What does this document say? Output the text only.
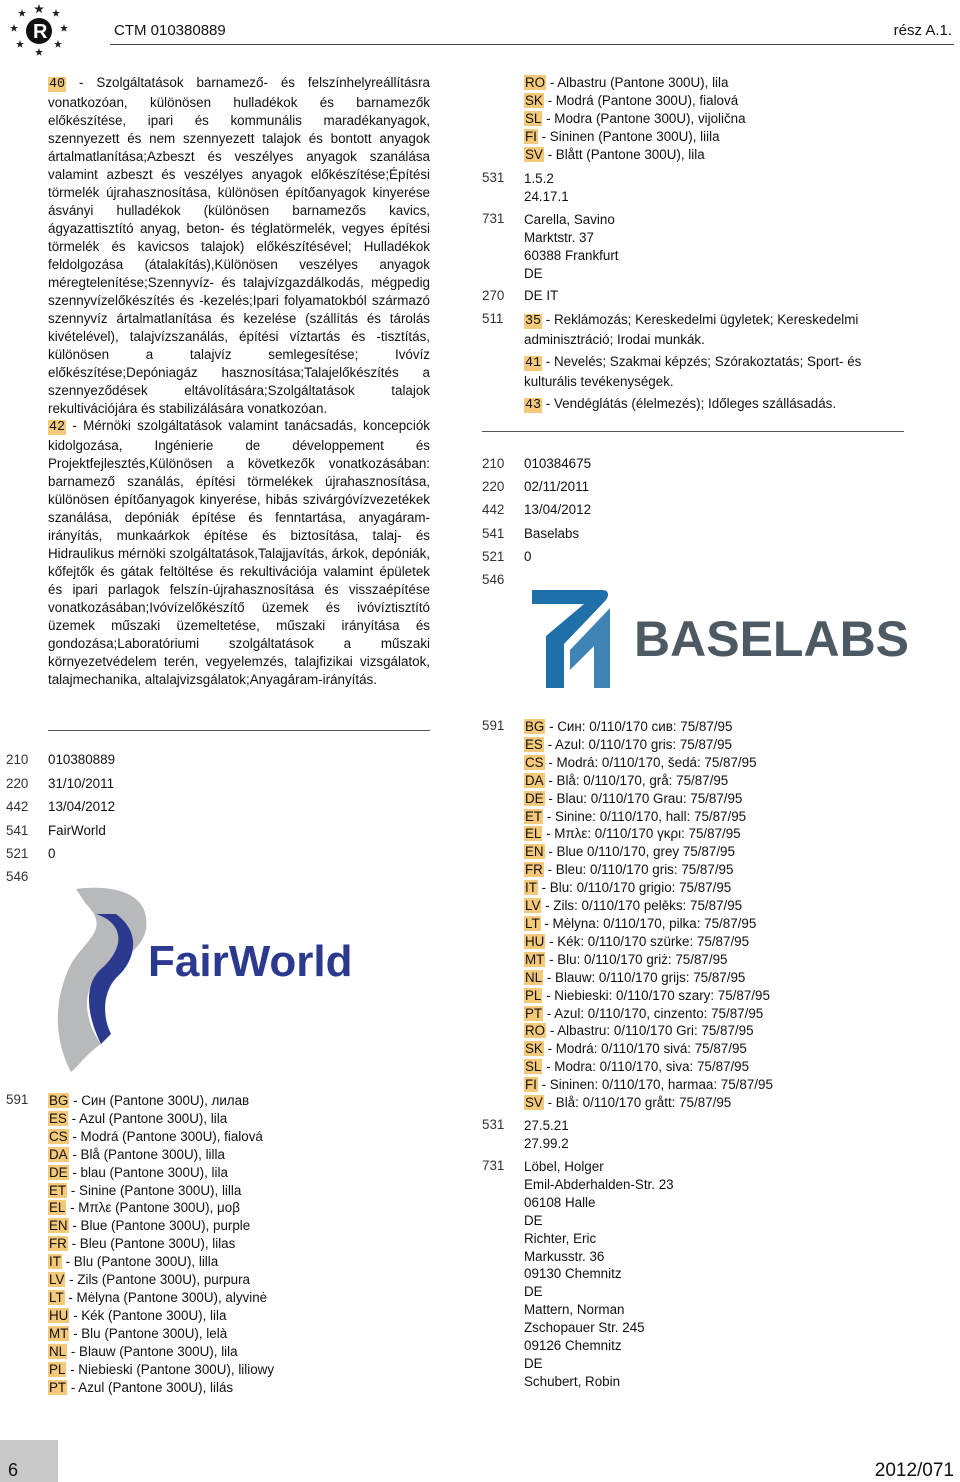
R	CTM 010380889	rész A.1.
40 - Szolgáltatások barnamező- és felszínhelyreállításra vonatkozóan, különösen hulladékok és barnamezők előkészítése, ipari és kommunális maradékanyagok, szennyezett és nem szennyezett talajok és bontott anyagok ártalmatlanítása;Azbeszt és veszélyes anyagok szanálása valamint azbeszt és veszélyes anyagok előkészítése;Építési törmelék újrahasznosítása, különösen építőanyagok kinyerése ásványi hulladékok (különösen barnamezős kavics, ágyazattisztító anyag, beton- és téglatörmelék, vegyes építési törmelék és kavicsos talajok) előkészítésével; Hulladékok feldolgozása (átalakítás),Különösen veszélyes anyagok méregtelenítése;Szennyvíz- és talajvízgazdálkodás, mégpedig szennyvízelőkészítés és -kezelés;Ipari folyamatokból származó szennyvíz ártalmatlanítása és kezelése (szállítás és tárolás kivételével), talajvízszanálás, építési víztartás és -tisztítás, különösen a talajvíz semlegesítése; Ivóvíz előkészítése;Depóniagáz hasznosítása;Talajelőkészítés a szennyeződések eltávolítására;Szolgáltatások talajok rekultivációjára és stabilizálására vonatkozóan.
42 - Mérnöki szolgáltatások valamint tanácsadás, koncepciók kidolgozása, Ingénierie de développement és Projektfejlesztés,Különösen a következők vonatkozásában: barnamező szanálás, építési törmelékek újrahasznosítása, különösen építőanyagok kinyerése, hibás szivárgóvízvezetékek szanálása, depóniák építése és fenntartása, anyagáram-irányítás, munkaárkok építése és biztosítása, talaj- és Hidraulikus mérnöki szolgáltatások,Talajjavítás, árkok, depóniák, kőfejtők és gátak feltöltése és rekultivációja valamint épületek és ipari parlagok felszín-újrahasznosítása és visszaépítése vonatkozásában;Ivóvízelőkészítő üzemek és ivóvíztisztító üzemek műszaki üzemeltetése, műszaki irányítása és gondozása;Laboratóriumi szolgáltatások a műszaki környezetvédelem terén, vegyelemzés, talajfizikai vizsgálatok, talajmechanika, altalajvizsgálatok;Anyagáram-irányítás.
210 010380889
220 31/10/2011
442 13/04/2012
541 FairWorld
521 0
546
FairWorld
591 BG - Син (Pantone 300U), лилав
ES - Azul (Pantone 300U), lila
CS - Modrá (Pantone 300U), fialová
DA - Blå (Pantone 300U), lilla
DE - blau (Pantone 300U), lila
ET - Sinine (Pantone 300U), lilla
EL - Μπλε (Pantone 300U), μοβ
EN - Blue (Pantone 300U), purple
FR - Bleu (Pantone 300U), lilas
IT - Blu (Pantone 300U), lilla
LV - Zils (Pantone 300U), purpura
LT - Mėlyna (Pantone 300U), alyvinė
HU - Kék (Pantone 300U), lila
MT - Blu (Pantone 300U), lelà
NL - Blauw (Pantone 300U), lila
PL - Niebieski (Pantone 300U), liliowy
PT - Azul (Pantone 300U), lilás
RO - Albastru (Pantone 300U), lila
SK - Modrá (Pantone 300U), fialová
SL - Modra (Pantone 300U), vijolična
FI - Sininen (Pantone 300U), liila
SV - Blått (Pantone 300U), lila
531 1.5.2
24.17.1
731 Carella, Savino
Marktstr. 37
60388 Frankfurt
DE
270 DE IT
511 35 - Reklámozás; Kereskedelmi ügyletek; Kereskedelmi adminisztráció; Irodai munkák.
41 - Nevelés; Szakmai képzés; Szórakoztatás; Sport- és kulturális tevékenységek.
43 - Vendéglátás (élelmezés); Időleges szállásadás.
210 010384675
220 02/11/2011
442 13/04/2012
541 Baselabs
521 0
546
BASELABS
591 BG - Син: 0/110/170 сив: 75/87/95
ES - Azul: 0/110/170 gris: 75/87/95
CS - Modrá: 0/110/170, šedá: 75/87/95
DA - Blå: 0/110/170, grå: 75/87/95
DE - Blau: 0/110/170 Grau: 75/87/95
ET - Sinine: 0/110/170, hall: 75/87/95
EL - Μπλε: 0/110/170 γκρι: 75/87/95
EN - Blue 0/110/170, grey 75/87/95
FR - Bleu: 0/110/170 gris: 75/87/95
IT - Blu: 0/110/170 grigio: 75/87/95
LV - Zils: 0/110/170 pelēks: 75/87/95
LT - Mėlyna: 0/110/170, pilka: 75/87/95
HU - Kék: 0/110/170 szürke: 75/87/95
MT - Blu: 0/110/170 griż: 75/87/95
NL - Blauw: 0/110/170 grijs: 75/87/95
PL - Niebieski: 0/110/170 szary: 75/87/95
PT - Azul: 0/110/170, cinzento: 75/87/95
RO - Albastru: 0/110/170 Gri: 75/87/95
SK - Modrá: 0/110/170 sivá: 75/87/95
SL - Modra: 0/110/170, siva: 75/87/95
FI - Sininen: 0/110/170, harmaa: 75/87/95
SV - Blå: 0/110/170 grått: 75/87/95
531 27.5.21
27.99.2
731 Löbel, Holger
Emil-Abderhalden-Str. 23
06108 Halle
DE
Richter, Eric
Markusstr. 36
09130 Chemnitz
DE
Mattern, Norman
Zschopauer Str. 245
09126 Chemnitz
DE
Schubert, Robin
6	2012/071
